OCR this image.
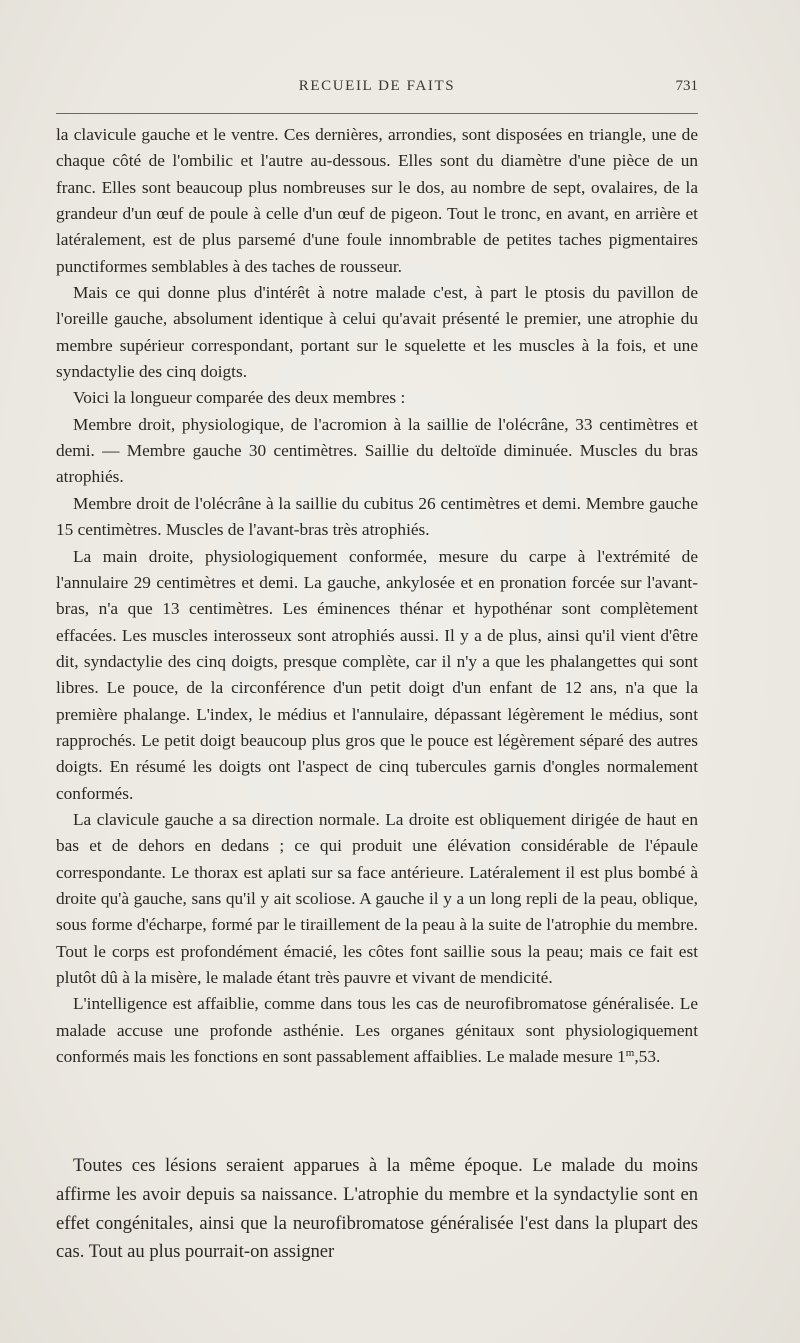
RECUEIL DE FAITS	731

la clavicule gauche et le ventre. Ces dernières, arrondies, sont disposées en triangle, une de chaque côté de l'ombilic et l'autre au-dessous. Elles sont du diamètre d'une pièce de un franc. Elles sont beaucoup plus nombreuses sur le dos, au nombre de sept, ovalaires, de la grandeur d'un œuf de poule à celle d'un œuf de pigeon. Tout le tronc, en avant, en arrière et latéralement, est de plus parsemé d'une foule innombrable de petites taches pigmentaires punctiformes semblables à des taches de rousseur.

Mais ce qui donne plus d'intérêt à notre malade c'est, à part le ptosis du pavillon de l'oreille gauche, absolument identique à celui qu'avait présenté le premier, une atrophie du membre supérieur correspondant, portant sur le squelette et les muscles à la fois, et une syndactylie des cinq doigts.

Voici la longueur comparée des deux membres :

Membre droit, physiologique, de l'acromion à la saillie de l'olécrâne, 33 centimètres et demi. — Membre gauche 30 centimètres. Saillie du deltoïde diminuée. Muscles du bras atrophiés.

Membre droit de l'olécrâne à la saillie du cubitus 26 centimètres et demi. Membre gauche 15 centimètres. Muscles de l'avant-bras très atrophiés.

La main droite, physiologiquement conformée, mesure du carpe à l'extrémité de l'annulaire 29 centimètres et demi. La gauche, ankylosée et en pronation forcée sur l'avant-bras, n'a que 13 centimètres. Les éminences thénar et hypothénar sont complètement effacées. Les muscles interosseux sont atrophiés aussi. Il y a de plus, ainsi qu'il vient d'être dit, syndactylie des cinq doigts, presque complète, car il n'y a que les phalangettes qui sont libres. Le pouce, de la circonférence d'un petit doigt d'un enfant de 12 ans, n'a que la première phalange. L'index, le médius et l'annulaire, dépassant légèrement le médius, sont rapprochés. Le petit doigt beaucoup plus gros que le pouce est légèrement séparé des autres doigts. En résumé les doigts ont l'aspect de cinq tubercules garnis d'ongles normalement conformés.

La clavicule gauche a sa direction normale. La droite est obliquement dirigée de haut en bas et de dehors en dedans ; ce qui produit une élévation considérable de l'épaule correspondante. Le thorax est aplati sur sa face antérieure. Latéralement il est plus bombé à droite qu'à gauche, sans qu'il y ait scoliose. A gauche il y a un long repli de la peau, oblique, sous forme d'écharpe, formé par le tiraillement de la peau à la suite de l'atrophie du membre. Tout le corps est profondément émacié, les côtes font saillie sous la peau; mais ce fait est plutôt dû à la misère, le malade étant très pauvre et vivant de mendicité.

L'intelligence est affaiblie, comme dans tous les cas de neurofibromatose généralisée. Le malade accuse une profonde asthénie. Les organes génitaux sont physiologiquement conformés mais les fonctions en sont passablement affaiblies. Le malade mesure 1$^m$,53.

Toutes ces lésions seraient apparues à la même époque. Le malade du moins affirme les avoir depuis sa naissance. L'atrophie du membre et la syndactylie sont en effet congénitales, ainsi que la neurofibromatose généralisée l'est dans la plupart des cas. Tout au plus pourrait-on assigner
